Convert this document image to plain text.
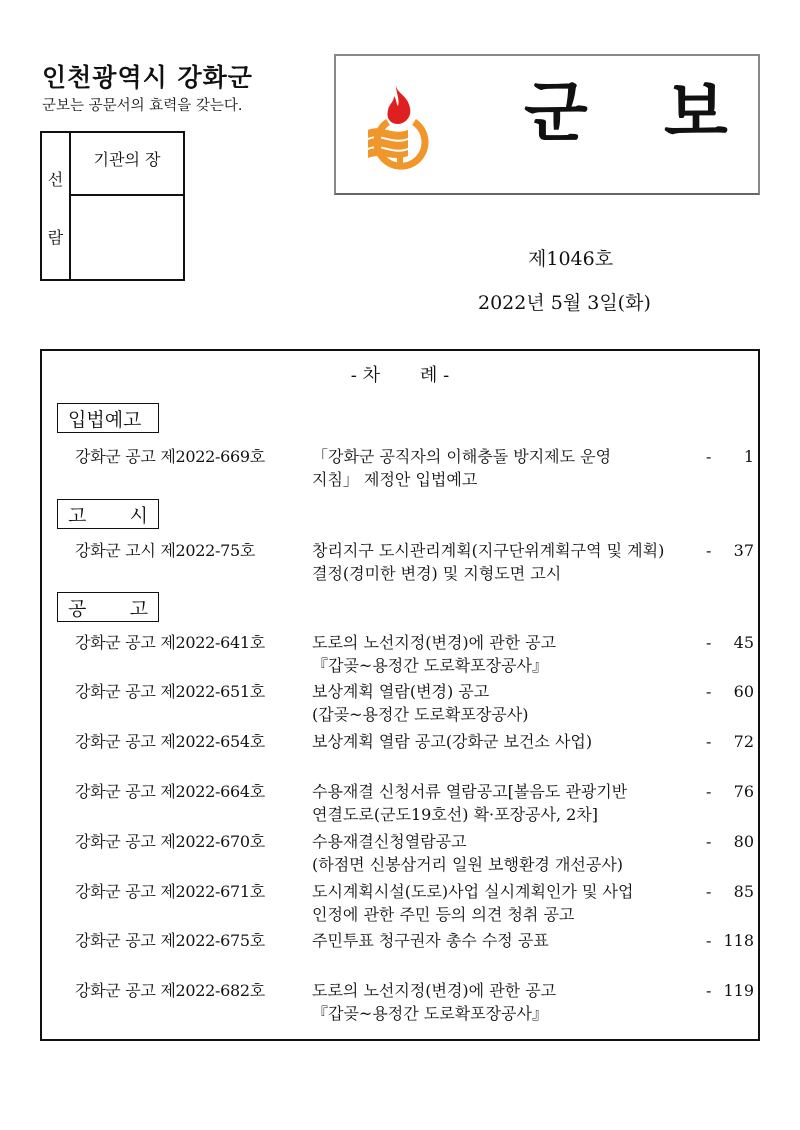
인천광역시 강화군
군보는 공문서의 효력을 갖는다.
선
람
기관의 장
군 보
제1046호
2022년 5월 3일(화)
- 차       례 -
입법예고
강화군 공고 제2022-669호	「강화군 공직자의 이해충돌 방지제도 운영
지침」 제정안 입법예고
- 1
고 시
강화군 고시 제2022-75호	창리지구 도시관리계획(지구단위계획구역 및 계획)
결정(경미한 변경) 및 지형도면 고시
- 37
공 고
강화군 공고 제2022-641호	도로의 노선지정(변경)에 관한 공고
『갑곶~용정간 도로확포장공사』
- 45
강화군 공고 제2022-651호	보상계획 열람(변경) 공고
(갑곶~용정간 도로확포장공사)
- 60
강화군 공고 제2022-654호	보상계획 열람 공고(강화군 보건소 사업)	- 72
강화군 공고 제2022-664호	수용재결 신청서류 열람공고[볼음도 관광기반
연결도로(군도19호선) 확·포장공사, 2차]
- 76
강화군 공고 제2022-670호	수용재결신청열람공고
(하점면 신봉삼거리 일원 보행환경 개선공사)
- 80
강화군 공고 제2022-671호	도시계획시설(도로)사업 실시계획인가 및 사업
인정에 관한 주민 등의 의견 청취 공고
- 85
강화군 공고 제2022-675호	주민투표 청구권자 총수 수정 공표	- 118
강화군 공고 제2022-682호	도로의 노선지정(변경)에 관한 공고
『갑곶~용정간 도로확포장공사』
- 119
